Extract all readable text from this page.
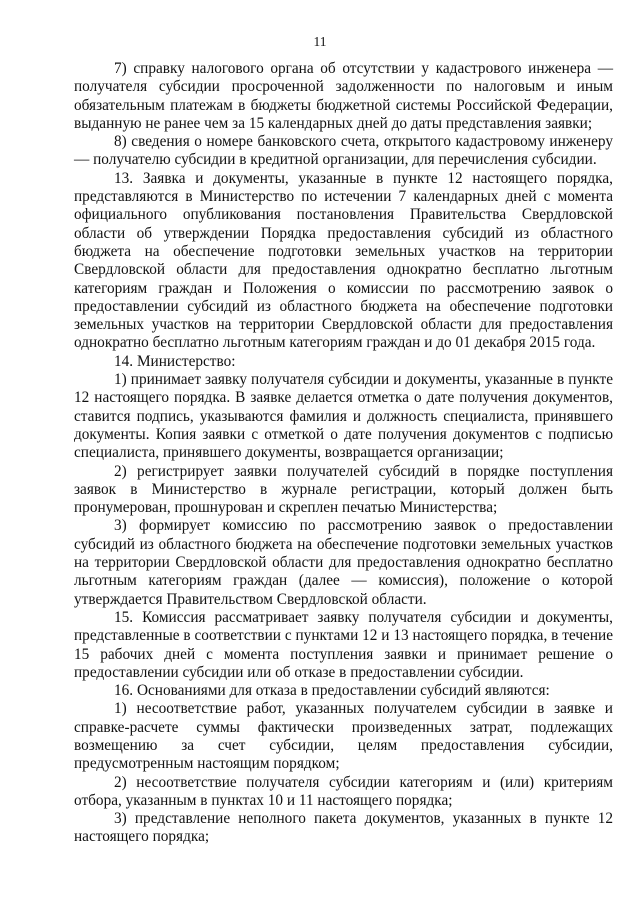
11

7) справку налогового органа об отсутствии у кадастрового инженера — получателя субсидии просроченной задолженности по налоговым и иным обязательным платежам в бюджеты бюджетной системы Российской Федерации, выданную не ранее чем за 15 календарных дней до даты представления заявки;

8) сведения о номере банковского счета, открытого кадастровому инженеру — получателю субсидии в кредитной организации, для перечисления субсидии.

13. Заявка и документы, указанные в пункте 12 настоящего порядка, представляются в Министерство по истечении 7 календарных дней с момента официального опубликования постановления Правительства Свердловской области об утверждении Порядка предоставления субсидий из областного бюджета на обеспечение подготовки земельных участков на территории Свердловской области для предоставления однократно бесплатно льготным категориям граждан и Положения о комиссии по рассмотрению заявок о предоставлении субсидий из областного бюджета на обеспечение подготовки земельных участков на территории Свердловской области для предоставления однократно бесплатно льготным категориям граждан и до 01 декабря 2015 года.

14. Министерство:

1) принимает заявку получателя субсидии и документы, указанные в пункте 12 настоящего порядка. В заявке делается отметка о дате получения документов, ставится подпись, указываются фамилия и должность специалиста, принявшего документы. Копия заявки с отметкой о дате получения документов с подписью специалиста, принявшего документы, возвращается организации;

2) регистрирует заявки получателей субсидий в порядке поступления заявок в Министерство в журнале регистрации, который должен быть пронумерован, прошнурован и скреплен печатью Министерства;

3) формирует комиссию по рассмотрению заявок о предоставлении субсидий из областного бюджета на обеспечение подготовки земельных участков на территории Свердловской области для предоставления однократно бесплатно льготным категориям граждан (далее — комиссия), положение о которой утверждается Правительством Свердловской области.

15. Комиссия рассматривает заявку получателя субсидии и документы, представленные в соответствии с пунктами 12 и 13 настоящего порядка, в течение 15 рабочих дней с момента поступления заявки и принимает решение о предоставлении субсидии или об отказе в предоставлении субсидии.

16. Основаниями для отказа в предоставлении субсидий являются:

1) несоответствие работ, указанных получателем субсидии в заявке и справке-расчете суммы фактически произведенных затрат, подлежащих возмещению за счет субсидии, целям предоставления субсидии, предусмотренным настоящим порядком;

2) несоответствие получателя субсидии категориям и (или) критериям отбора, указанным в пунктах 10 и 11 настоящего порядка;

3) представление неполного пакета документов, указанных в пункте 12 настоящего порядка;
